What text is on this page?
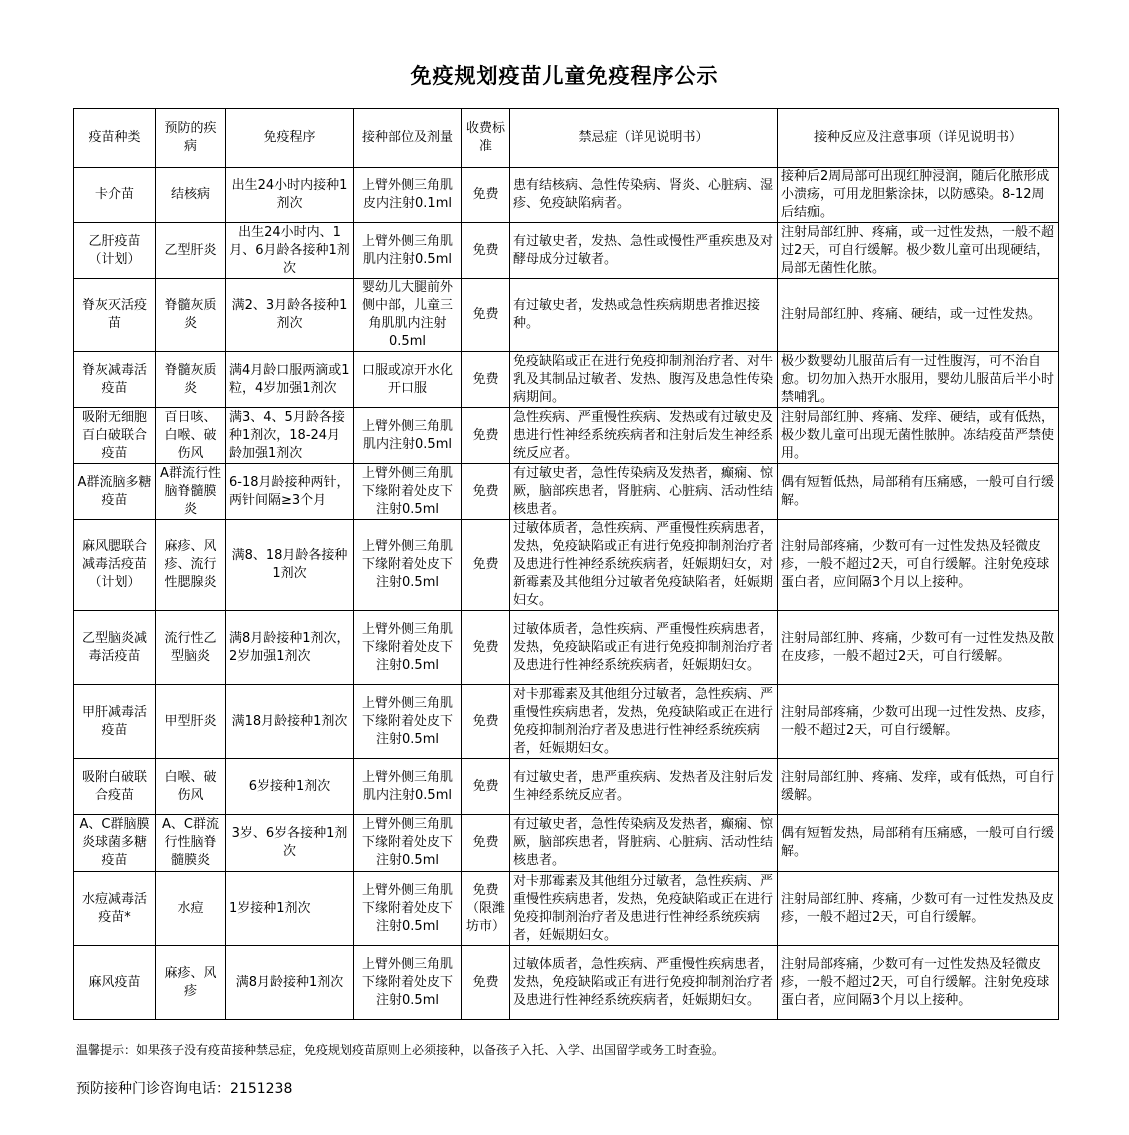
免疫规划疫苗儿童免疫程序公示
疫苗种类	预防的疾病	免疫程序	接种部位及剂量	收费标准	禁忌症（详见说明书）	接种反应及注意事项（详见说明书）
卡介苗	结核病	出生24小时内接种1剂次	上臂外侧三角肌皮内注射0.1ml	免费	患有结核病、急性传染病、肾炎、心脏病、湿疹、免疫缺陷病者。	接种后2周局部可出现红肿浸润，随后化脓形成小溃疡，可用龙胆紫涂抹，以防感染。8-12周后结痂。
乙肝疫苗（计划）	乙型肝炎	出生24小时内、1月、6月龄各接种1剂次	上臂外侧三角肌肌内注射0.5ml	免费	有过敏史者，发热、急性或慢性严重疾患及对酵母成分过敏者。	注射局部红肿、疼痛，或一过性发热，一般不超过2天，可自行缓解。极少数儿童可出现硬结，局部无菌性化脓。
脊灰灭活疫苗	脊髓灰质炎	满2、3月龄各接种1剂次	婴幼儿大腿前外侧中部，儿童三角肌肌内注射0.5ml	免费	有过敏史者，发热或急性疾病期患者推迟接种。	注射局部红肿、疼痛、硬结，或一过性发热。
脊灰减毒活疫苗	脊髓灰质炎	满4月龄口服两滴或1粒，4岁加强1剂次	口服或凉开水化开口服	免费	免疫缺陷或正在进行免疫抑制剂治疗者、对牛乳及其制品过敏者、发热、腹泻及患急性传染病期间。	极少数婴幼儿服苗后有一过性腹泻，可不治自愈。切勿加入热开水服用，婴幼儿服苗后半小时禁哺乳。
吸附无细胞百白破联合疫苗	百日咳、白喉、破伤风	满3、4、5月龄各接种1剂次，18-24月龄加强1剂次	上臂外侧三角肌肌内注射0.5ml	免费	急性疾病、严重慢性疾病、发热或有过敏史及患进行性神经系统疾病者和注射后发生神经系统反应者。	注射局部红肿、疼痛、发痒、硬结，或有低热，极少数儿童可出现无菌性脓肿。冻结疫苗严禁使用。
A群流脑多糖疫苗	A群流行性脑脊髓膜炎	6-18月龄接种两针，两针间隔≥3个月	上臂外侧三角肌下缘附着处皮下注射0.5ml	免费	有过敏史者，急性传染病及发热者，癫痫、惊厥，脑部疾患者，肾脏病、心脏病、活动性结核患者。	偶有短暂低热，局部稍有压痛感，一般可自行缓解。
麻风腮联合减毒活疫苗（计划）	麻疹、风疹、流行性腮腺炎	满8、18月龄各接种1剂次	上臂外侧三角肌下缘附着处皮下注射0.5ml	免费	过敏体质者，急性疾病、严重慢性疾病患者，发热，免疫缺陷或正有进行免疫抑制剂治疗者及患进行性神经系统疾病者，妊娠期妇女，对新霉素及其他组分过敏者免疫缺陷者，妊娠期妇女。	注射局部疼痛，少数可有一过性发热及轻微皮疹，一般不超过2天，可自行缓解。注射免疫球蛋白者，应间隔3个月以上接种。
乙型脑炎减毒活疫苗	流行性乙型脑炎	满8月龄接种1剂次，2岁加强1剂次	上臂外侧三角肌下缘附着处皮下注射0.5ml	免费	过敏体质者，急性疾病、严重慢性疾病患者，发热，免疫缺陷或正有进行免疫抑制剂治疗者及患进行性神经系统疾病者，妊娠期妇女。	注射局部红肿、疼痛，少数可有一过性发热及散在皮疹，一般不超过2天，可自行缓解。
甲肝减毒活疫苗	甲型肝炎	满18月龄接种1剂次	上臂外侧三角肌下缘附着处皮下注射0.5ml	免费	对卡那霉素及其他组分过敏者，急性疾病、严重慢性疾病患者，发热，免疫缺陷或正在进行免疫抑制剂治疗者及患进行性神经系统疾病者，妊娠期妇女。	注射局部疼痛，少数可出现一过性发热、皮疹，一般不超过2天，可自行缓解。
吸附白破联合疫苗	白喉、破伤风	6岁接种1剂次	上臂外侧三角肌肌内注射0.5ml	免费	有过敏史者，患严重疾病、发热者及注射后发生神经系统反应者。	注射局部红肿、疼痛、发痒，或有低热，可自行缓解。
A、C群脑膜炎球菌多糖疫苗	A、C群流行性脑脊髓膜炎	3岁、6岁各接种1剂次	上臂外侧三角肌下缘附着处皮下注射0.5ml	免费	有过敏史者，急性传染病及发热者，癫痫、惊厥，脑部疾患者，肾脏病、心脏病、活动性结核患者。	偶有短暂发热，局部稍有压痛感，一般可自行缓解。
水痘减毒活疫苗*	水痘	1岁接种1剂次	上臂外侧三角肌下缘附着处皮下注射0.5ml	免费（限潍坊市）	对卡那霉素及其他组分过敏者，急性疾病、严重慢性疾病患者，发热，免疫缺陷或正在进行免疫抑制剂治疗者及患进行性神经系统疾病者，妊娠期妇女。	注射局部红肿、疼痛，少数可有一过性发热及皮疹，一般不超过2天，可自行缓解。
麻风疫苗	麻疹、风疹	满8月龄接种1剂次	上臂外侧三角肌下缘附着处皮下注射0.5ml	免费	过敏体质者，急性疾病、严重慢性疾病患者，发热，免疫缺陷或正有进行免疫抑制剂治疗者及患进行性神经系统疾病者，妊娠期妇女。	注射局部疼痛，少数可有一过性发热及轻微皮疹，一般不超过2天，可自行缓解。注射免疫球蛋白者，应间隔3个月以上接种。
温馨提示：如果孩子没有疫苗接种禁忌症，免疫规划疫苗原则上必须接种，以备孩子入托、入学、出国留学或务工时查验。
预防接种门诊咨询电话：2151238
